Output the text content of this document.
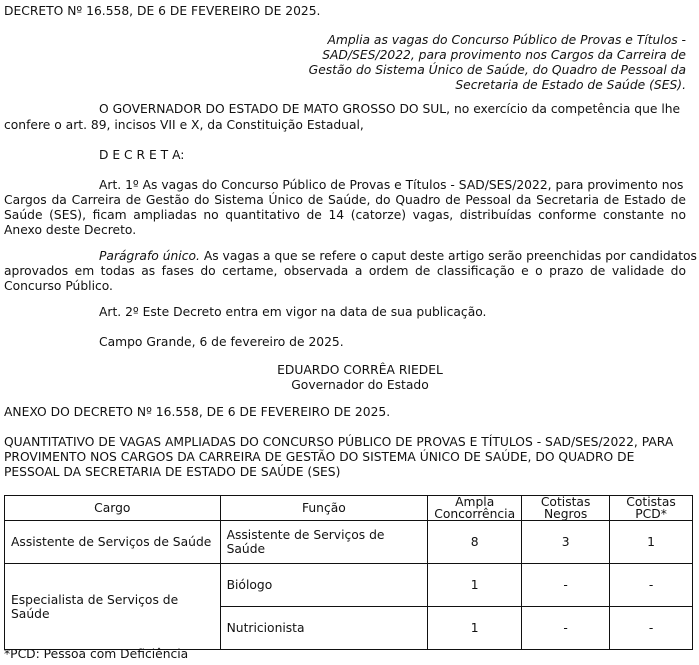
DECRETO Nº 16.558, DE 6 DE FEVEREIRO DE 2025.
Amplia as vagas do Concurso Público de Provas e Títulos - SAD/SES/2022, para provimento nos Cargos da Carreira de Gestão do Sistema Único de Saúde, do Quadro de Pessoal da Secretaria de Estado de Saúde (SES).
O GOVERNADOR DO ESTADO DE MATO GROSSO DO SUL, no exercício da competência que lhe
confere o art. 89, incisos VII e X, da Constituição Estadual,
D E C R E T A:
Art. 1º As vagas do Concurso Público de Provas e Títulos - SAD/SES/2022, para provimento nos
Cargos da Carreira de Gestão do Sistema Único de Saúde, do Quadro de Pessoal da Secretaria de Estado de Saúde (SES), ficam ampliadas no quantitativo de 14 (catorze) vagas, distribuídas conforme constante no Anexo deste Decreto.
Parágrafo único. As vagas a que se refere o caput deste artigo serão preenchidas por candidatos
aprovados em todas as fases do certame, observada a ordem de classificação e o prazo de validade do Concurso Público.
Art. 2º Este Decreto entra em vigor na data de sua publicação.
Campo Grande, 6 de fevereiro de 2025.
EDUARDO CORRÊA RIEDEL
Governador do Estado
ANEXO DO DECRETO Nº 16.558, DE 6 DE FEVEREIRO DE 2025.
QUANTITATIVO DE VAGAS AMPLIADAS DO CONCURSO PÚBLICO DE PROVAS E TÍTULOS - SAD/SES/2022, PARA PROVIMENTO NOS CARGOS DA CARREIRA DE GESTÃO DO SISTEMA ÚNICO DE SAÚDE, DO QUADRO DE PESSOAL DA SECRETARIA DE ESTADO DE SAÚDE (SES)
Cargo	Função	Ampla Concorrência	Cotistas Negros	Cotistas PCD*
Assistente de Serviços de Saúde	Assistente de Serviços de Saúde	8	3	1
Especialista de Serviços de Saúde	Biólogo	1	-	-
	Nutricionista	1	-	-
*PCD: Pessoa com Deficiência
